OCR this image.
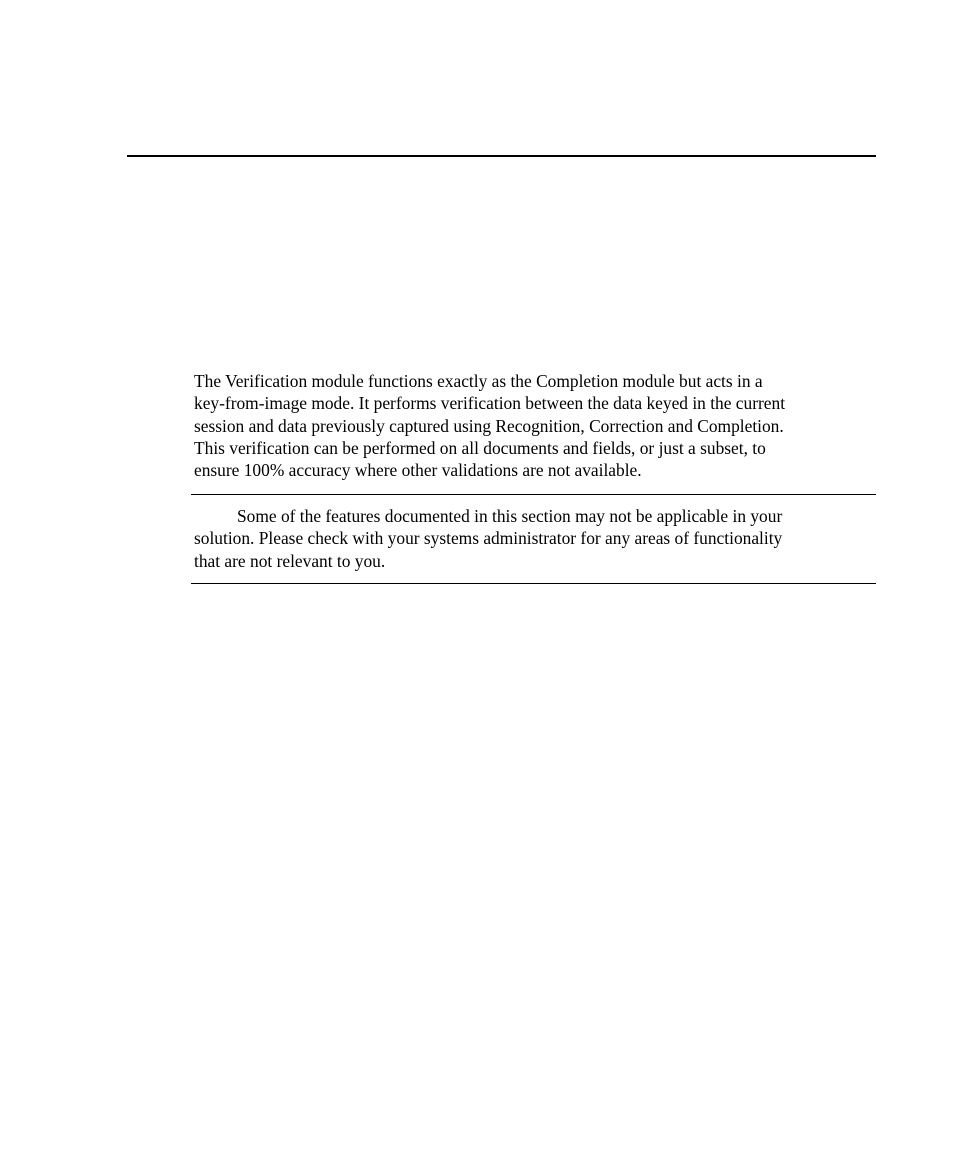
The Verification module functions exactly as the Completion module but acts in a
key-from-image mode. It performs verification between the data keyed in the current
session and data previously captured using Recognition, Correction and Completion.
This verification can be performed on all documents and fields, or just a subset, to
ensure 100% accuracy where other validations are not available.

Some of the features documented in this section may not be applicable in your
solution. Please check with your systems administrator for any areas of functionality
that are not relevant to you.
